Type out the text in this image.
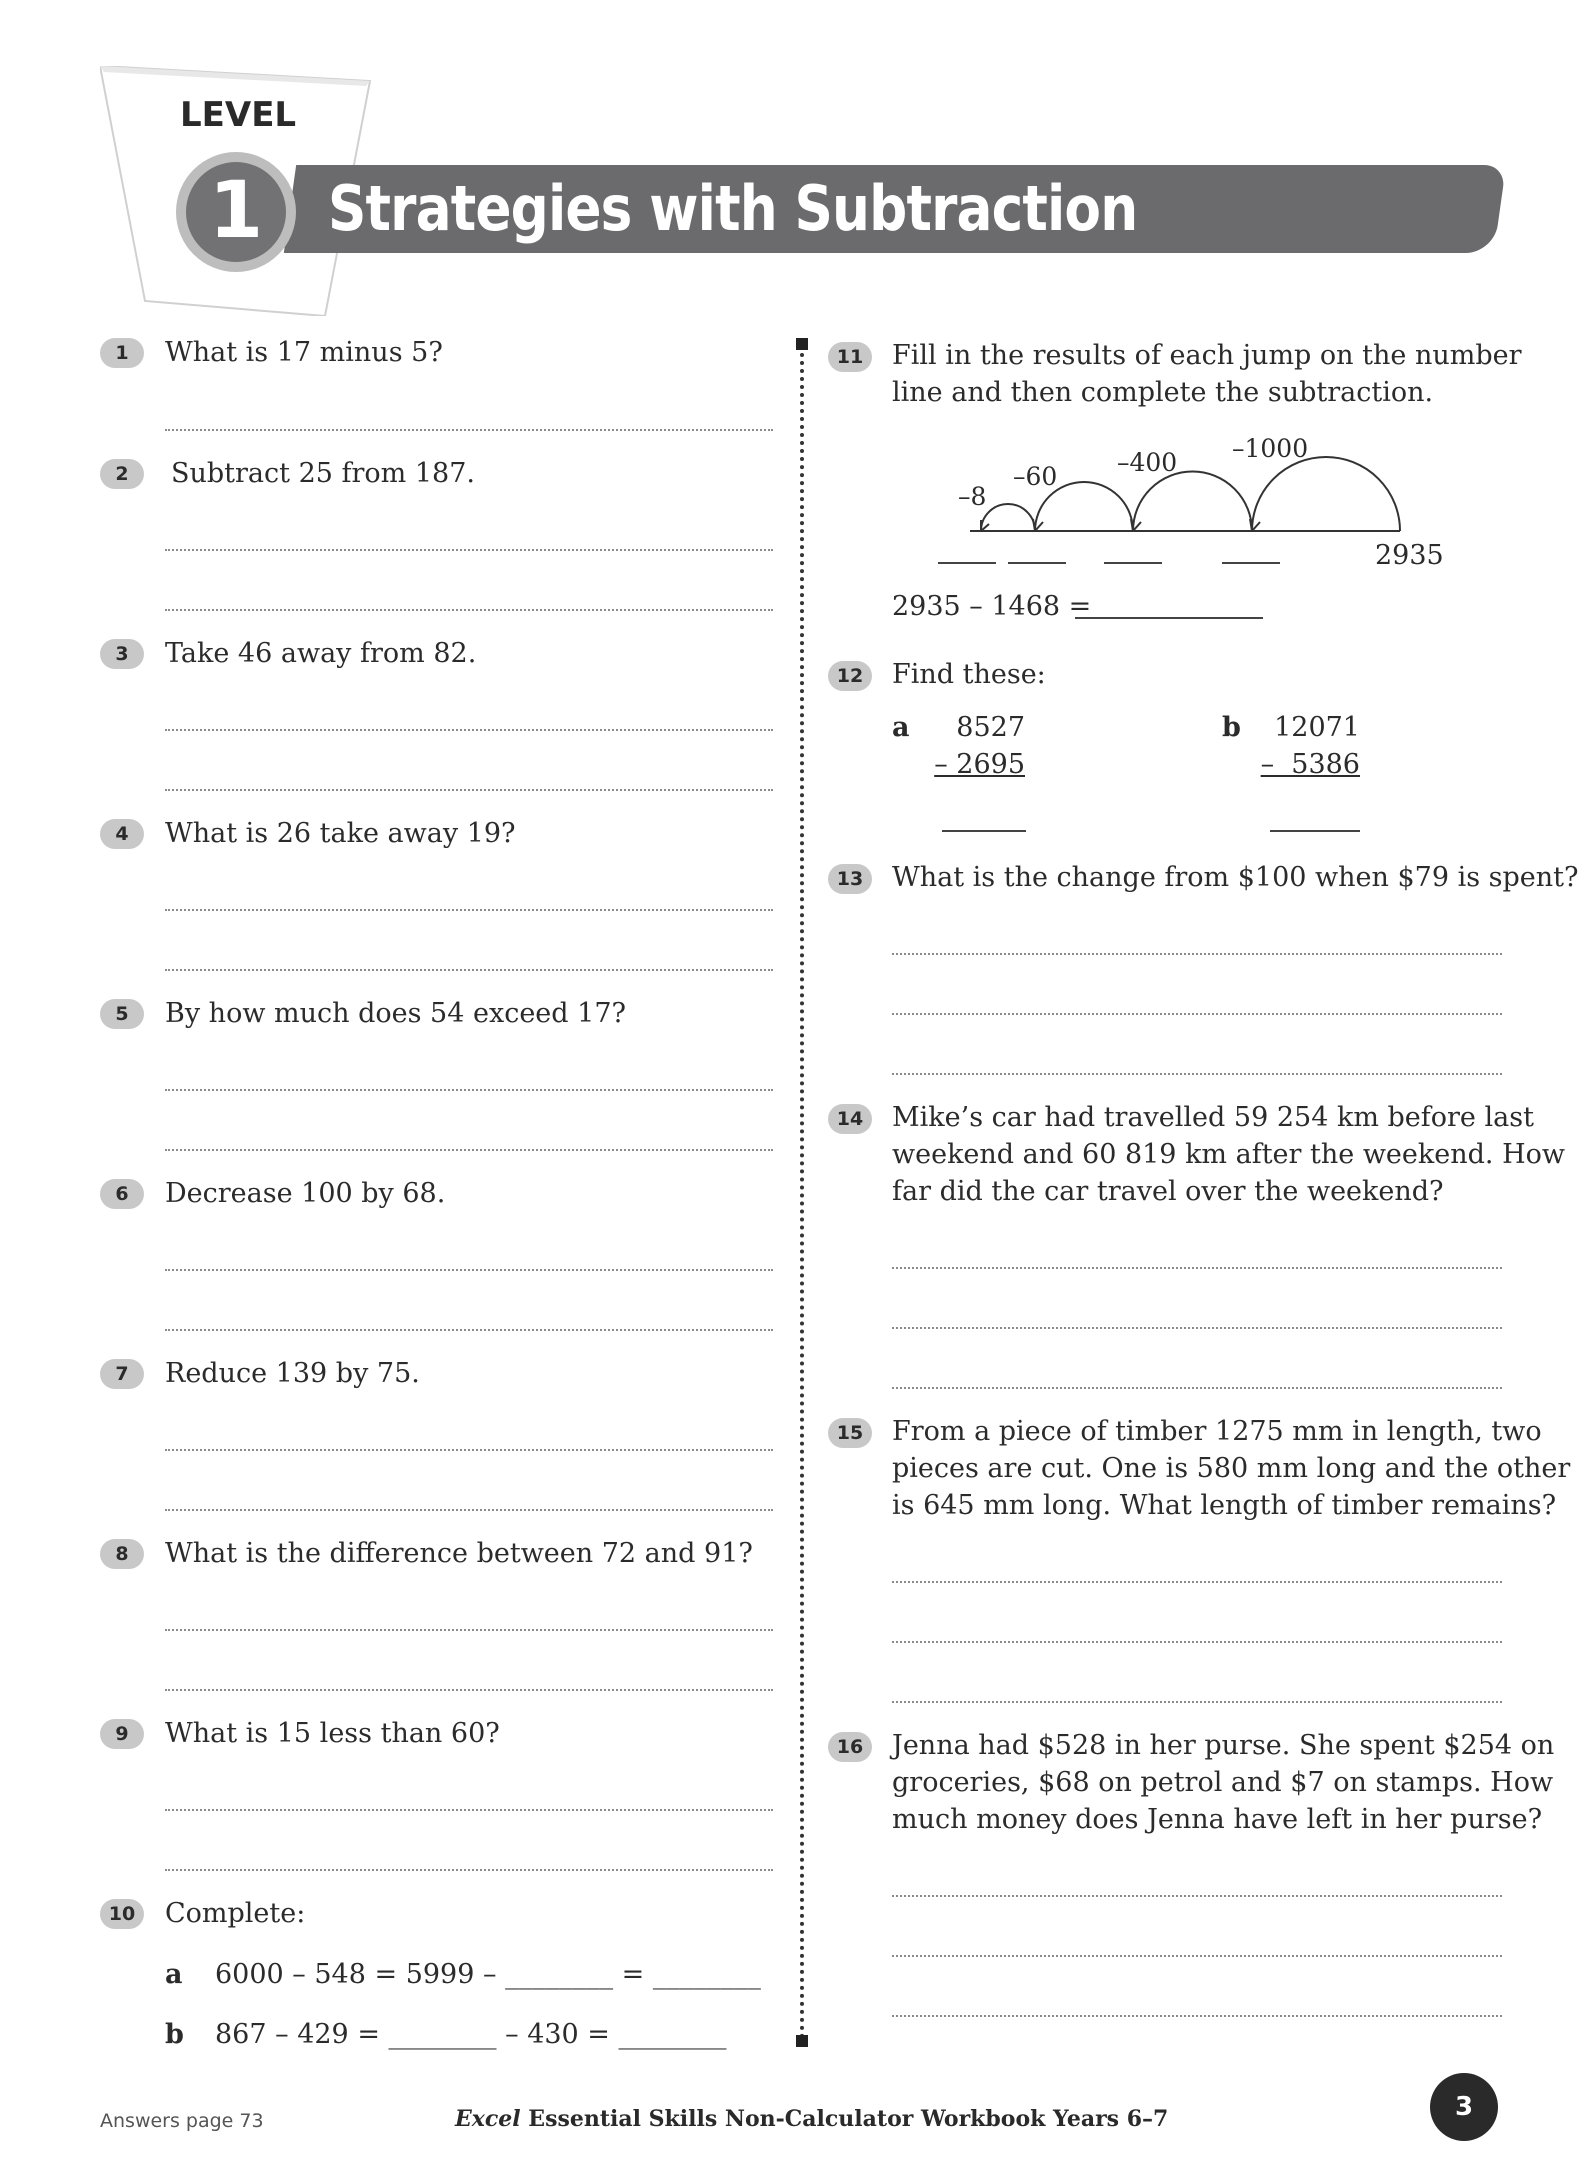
LEVEL
Strategies with Subtraction
1
1	What is 17 minus 5?
2	Subtract 25 from 187.
3	Take 46 away from 82.
4	What is 26 take away 19?
5	By how much does 54 exceed 17?
6	Decrease 100 by 68.
7	Reduce 139 by 75.
8	What is the difference between 72 and 91?
9	What is 15 less than 60?
10	Complete:
a 6000 – 548 = 5999 – ________ = ________
b 867 – 429 = ________ – 430 = ________
11	Fill in the results of each jump on the number
line and then complete the subtraction.
–8
–60 –400 –1000
2935
2935 – 1468 =
12	Find these:
a	8527
– 2695
b	12071
–  5386
13	What is the change from $100 when $79 is spent?
14	Mike’s car had travelled 59 254 km before last
weekend and 60 819 km after the weekend. How
far did the car travel over the weekend?
15	From a piece of timber 1275 mm in length, two
pieces are cut. One is 580 mm long and the other
is 645 mm long. What length of timber remains?
16	Jenna had $528 in her purse. She spent $254 on
groceries, $68 on petrol and $7 on stamps. How
much money does Jenna have left in her purse?
Answers page 73	Excel Essential Skills Non-Calculator Workbook Years 6–7	3
